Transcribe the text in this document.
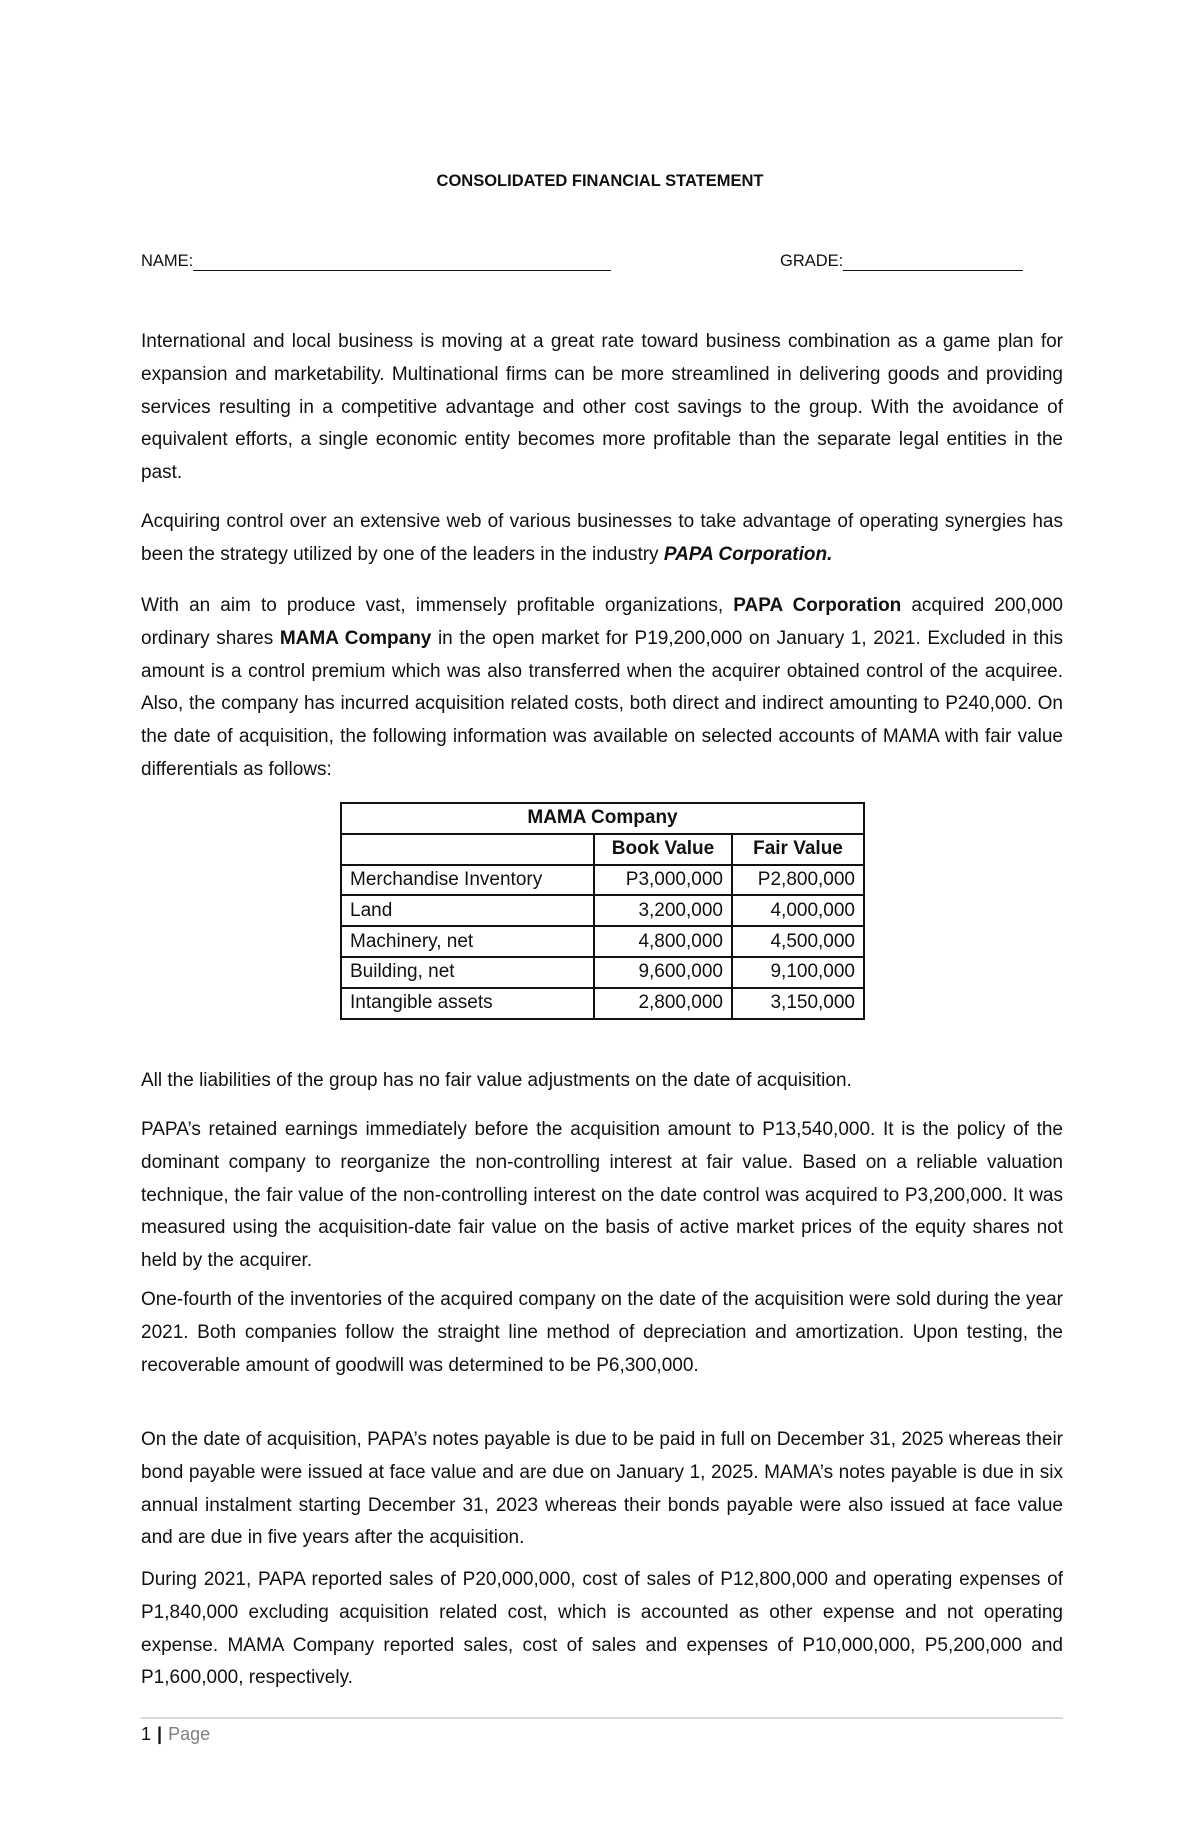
CONSOLIDATED FINANCIAL STATEMENT
NAME:	GRADE:

International and local business is moving at a great rate toward business combination as a game plan for expansion and marketability. Multinational firms can be more streamlined in delivering goods and providing services resulting in a competitive advantage and other cost savings to the group. With the avoidance of equivalent efforts, a single economic entity becomes more profitable than the separate legal entities in the past.

Acquiring control over an extensive web of various businesses to take advantage of operating synergies has been the strategy utilized by one of the leaders in the industry PAPA Corporation.

With an aim to produce vast, immensely profitable organizations, PAPA Corporation acquired 200,000 ordinary shares MAMA Company in the open market for P19,200,000 on January 1, 2021. Excluded in this amount is a control premium which was also transferred when the acquirer obtained control of the acquiree. Also, the company has incurred acquisition related costs, both direct and indirect amounting to P240,000. On the date of acquisition, the following information was available on selected accounts of MAMA with fair value differentials as follows:

MAMA Company		
	Book Value	Fair Value
Merchandise Inventory	P3,000,000	P2,800,000
Land	3,200,000	4,000,000
Machinery, net	4,800,000	4,500,000
Building, net	9,600,000	9,100,000
Intangible assets	2,800,000	3,150,000

All the liabilities of the group has no fair value adjustments on the date of acquisition.

PAPA’s retained earnings immediately before the acquisition amount to P13,540,000. It is the policy of the dominant company to reorganize the non-controlling interest at fair value. Based on a reliable valuation technique, the fair value of the non-controlling interest on the date control was acquired to P3,200,000. It was measured using the acquisition-date fair value on the basis of active market prices of the equity shares not held by the acquirer.

One-fourth of the inventories of the acquired company on the date of the acquisition were sold during the year 2021. Both companies follow the straight line method of depreciation and amortization. Upon testing, the recoverable amount of goodwill was determined to be P6,300,000.

On the date of acquisition, PAPA’s notes payable is due to be paid in full on December 31, 2025 whereas their bond payable were issued at face value and are due on January 1, 2025. MAMA’s notes payable is due in six annual instalment starting December 31, 2023 whereas their bonds payable were also issued at face value and are due in five years after the acquisition.

During 2021, PAPA reported sales of P20,000,000, cost of sales of P12,800,000 and operating expenses of P1,840,000 excluding acquisition related cost, which is accounted as other expense and not operating expense. MAMA Company reported sales, cost of sales and expenses of P10,000,000, P5,200,000 and P1,600,000, respectively.

1 | Page
